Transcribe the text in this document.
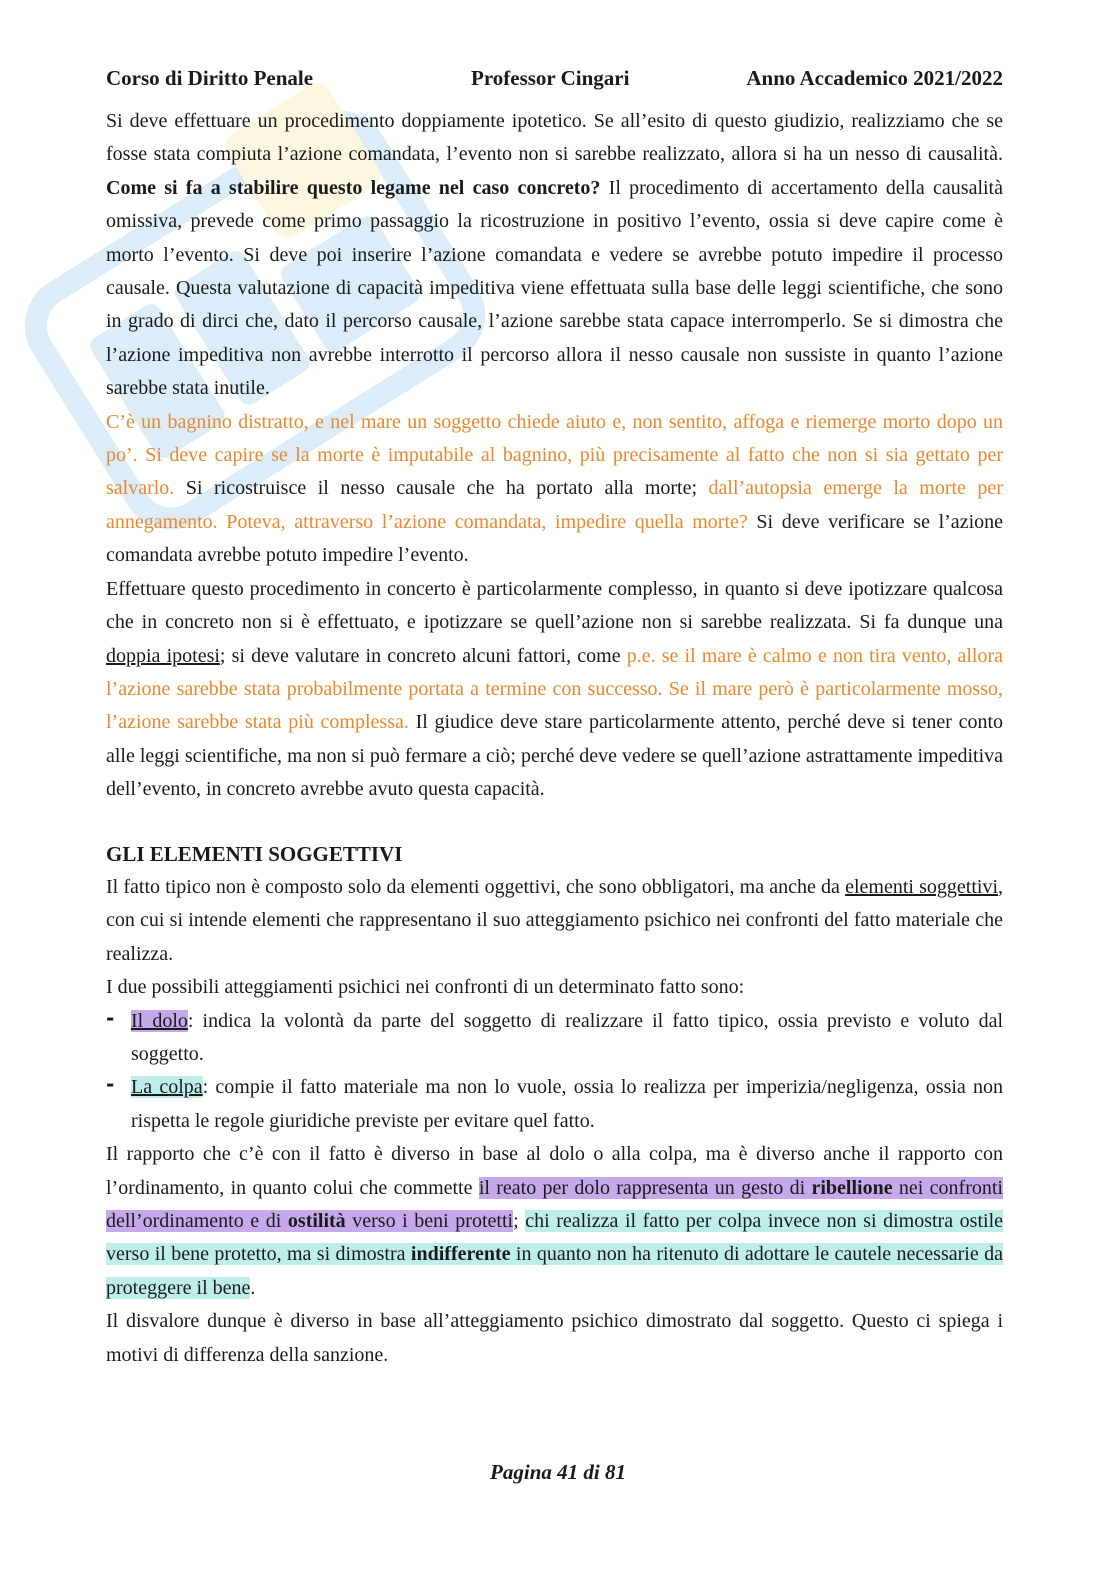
Corso di Diritto Penale	Professor Cingari	Anno Accademico 2021/2022

Si deve effettuare un procedimento doppiamente ipotetico. Se all’esito di questo giudizio, realizziamo che se fosse stata compiuta l’azione comandata, l’evento non si sarebbe realizzato, allora si ha un nesso di causalità. Come si fa a stabilire questo legame nel caso concreto? Il procedimento di accertamento della causalità omissiva, prevede come primo passaggio la ricostruzione in positivo l’evento, ossia si deve capire come è morto l’evento. Si deve poi inserire l’azione comandata e vedere se avrebbe potuto impedire il processo causale. Questa valutazione di capacità impeditiva viene effettuata sulla base delle leggi scientifiche, che sono in grado di dirci che, dato il percorso causale, l’azione sarebbe stata capace interromperlo. Se si dimostra che l’azione impeditiva non avrebbe interrotto il percorso allora il nesso causale non sussiste in quanto l’azione sarebbe stata inutile.

C’è un bagnino distratto, e nel mare un soggetto chiede aiuto e, non sentito, affoga e riemerge morto dopo un po’. Si deve capire se la morte è imputabile al bagnino, più precisamente al fatto che non si sia gettato per salvarlo. Si ricostruisce il nesso causale che ha portato alla morte; dall’autopsia emerge la morte per annegamento. Poteva, attraverso l’azione comandata, impedire quella morte? Si deve verificare se l’azione comandata avrebbe potuto impedire l’evento.

Effettuare questo procedimento in concerto è particolarmente complesso, in quanto si deve ipotizzare qualcosa che in concreto non si è effettuato, e ipotizzare se quell’azione non si sarebbe realizzata. Si fa dunque una doppia ipotesi; si deve valutare in concreto alcuni fattori, come p.e. se il mare è calmo e non tira vento, allora l’azione sarebbe stata probabilmente portata a termine con successo. Se il mare però è particolarmente mosso, l’azione sarebbe stata più complessa. Il giudice deve stare particolarmente attento, perché deve si tener conto alle leggi scientifiche, ma non si può fermare a ciò; perché deve vedere se quell’azione astrattamente impeditiva dell’evento, in concreto avrebbe avuto questa capacità.

GLI ELEMENTI SOGGETTIVI

Il fatto tipico non è composto solo da elementi oggettivi, che sono obbligatori, ma anche da elementi soggettivi, con cui si intende elementi che rappresentano il suo atteggiamento psichico nei confronti del fatto materiale che realizza.

I due possibili atteggiamenti psichici nei confronti di un determinato fatto sono:

- Il dolo: indica la volontà da parte del soggetto di realizzare il fatto tipico, ossia previsto e voluto dal soggetto.
- La colpa: compie il fatto materiale ma non lo vuole, ossia lo realizza per imperizia/negligenza, ossia non rispetta le regole giuridiche previste per evitare quel fatto.

Il rapporto che c’è con il fatto è diverso in base al dolo o alla colpa, ma è diverso anche il rapporto con l’ordinamento, in quanto colui che commette il reato per dolo rappresenta un gesto di ribellione nei confronti dell’ordinamento e di ostilità verso i beni protetti; chi realizza il fatto per colpa invece non si dimostra ostile verso il bene protetto, ma si dimostra indifferente in quanto non ha ritenuto di adottare le cautele necessarie da proteggere il bene.

Il disvalore dunque è diverso in base all’atteggiamento psichico dimostrato dal soggetto. Questo ci spiega i motivi di differenza della sanzione.

Pagina 41 di 81
